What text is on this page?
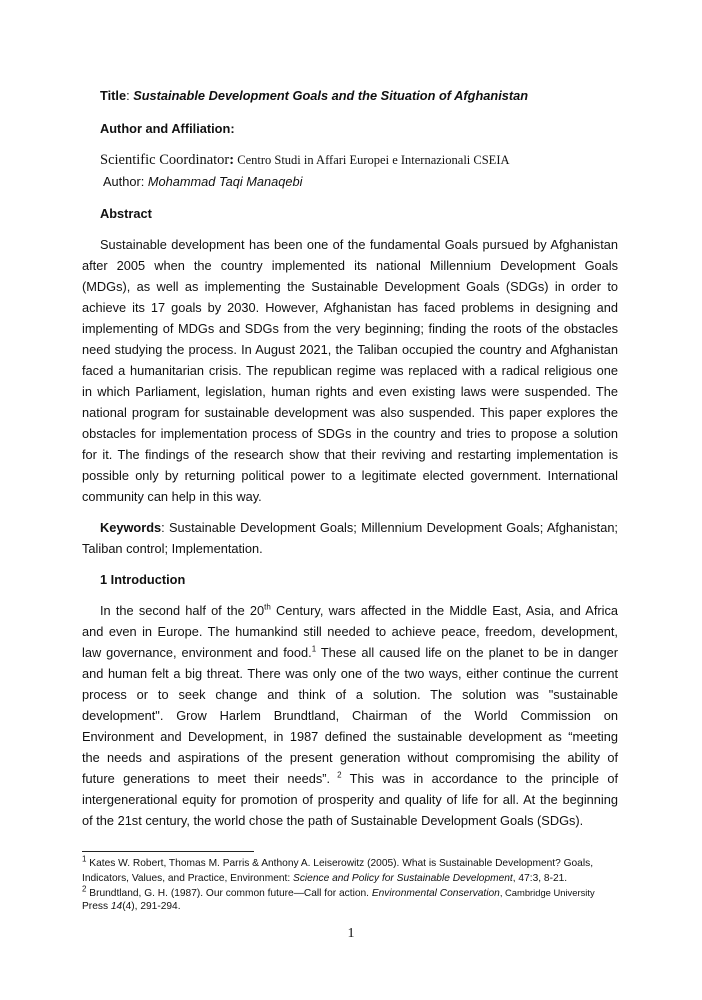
Title: Sustainable Development Goals and the Situation of Afghanistan
Author and Affiliation:
Scientific Coordinator: Centro Studi in Affari Europei e Internazionali CSEIA
Author: Mohammad Taqi Manaqebi
Abstract
Sustainable development has been one of the fundamental Goals pursued by Afghanistan
after 2005 when the country implemented its national Millennium Development Goals
(MDGs), as well as implementing the Sustainable Development Goals (SDGs) in order to
achieve its 17 goals by 2030. However, Afghanistan has faced problems in designing and
implementing of MDGs and SDGs from the very beginning; finding the roots of the obstacles
need studying the process. In August 2021, the Taliban occupied the country and Afghanistan
faced a humanitarian crisis. The republican regime was replaced with a radical religious one
in which Parliament, legislation, human rights and even existing laws were suspended. The
national program for sustainable development was also suspended. This paper explores the
obstacles for implementation process of SDGs in the country and tries to propose a solution
for it. The findings of the research show that their reviving and restarting implementation is
possible only by returning political power to a legitimate elected government. International
community can help in this way.
Keywords: Sustainable Development Goals; Millennium Development Goals; Afghanistan;
Taliban control; Implementation.
1 Introduction
In the second half of the 20th Century, wars affected in the Middle East, Asia, and Africa
and even in Europe. The humankind still needed to achieve peace, freedom, development,
law governance, environment and food.$^1$ These all caused life on the planet to be in danger
and human felt a big threat. There was only one of the two ways, either continue the current
process or to seek change and think of a solution. The solution was "sustainable
development". Grow Harlem Brundtland, Chairman of the World Commission on
Environment and Development, in 1987 defined the sustainable development as “meeting
the needs and aspirations of the present generation without compromising the ability of
future generations to meet their needs”. $^2$ This was in accordance to the principle of
intergenerational equity for promotion of prosperity and quality of life for all. At the beginning
of the 21st century, the world chose the path of Sustainable Development Goals (SDGs).
$^1$ Kates W. Robert, Thomas M. Parris & Anthony A. Leiserowitz (2005). What is Sustainable Development? Goals,
Indicators, Values, and Practice, Environment: Science and Policy for Sustainable Development, 47:3, 8-21.
$^2$ Brundtland, G. H. (1987). Our common future—Call for action. Environmental Conservation, Cambridge University
Press 14(4), 291-294.
1
